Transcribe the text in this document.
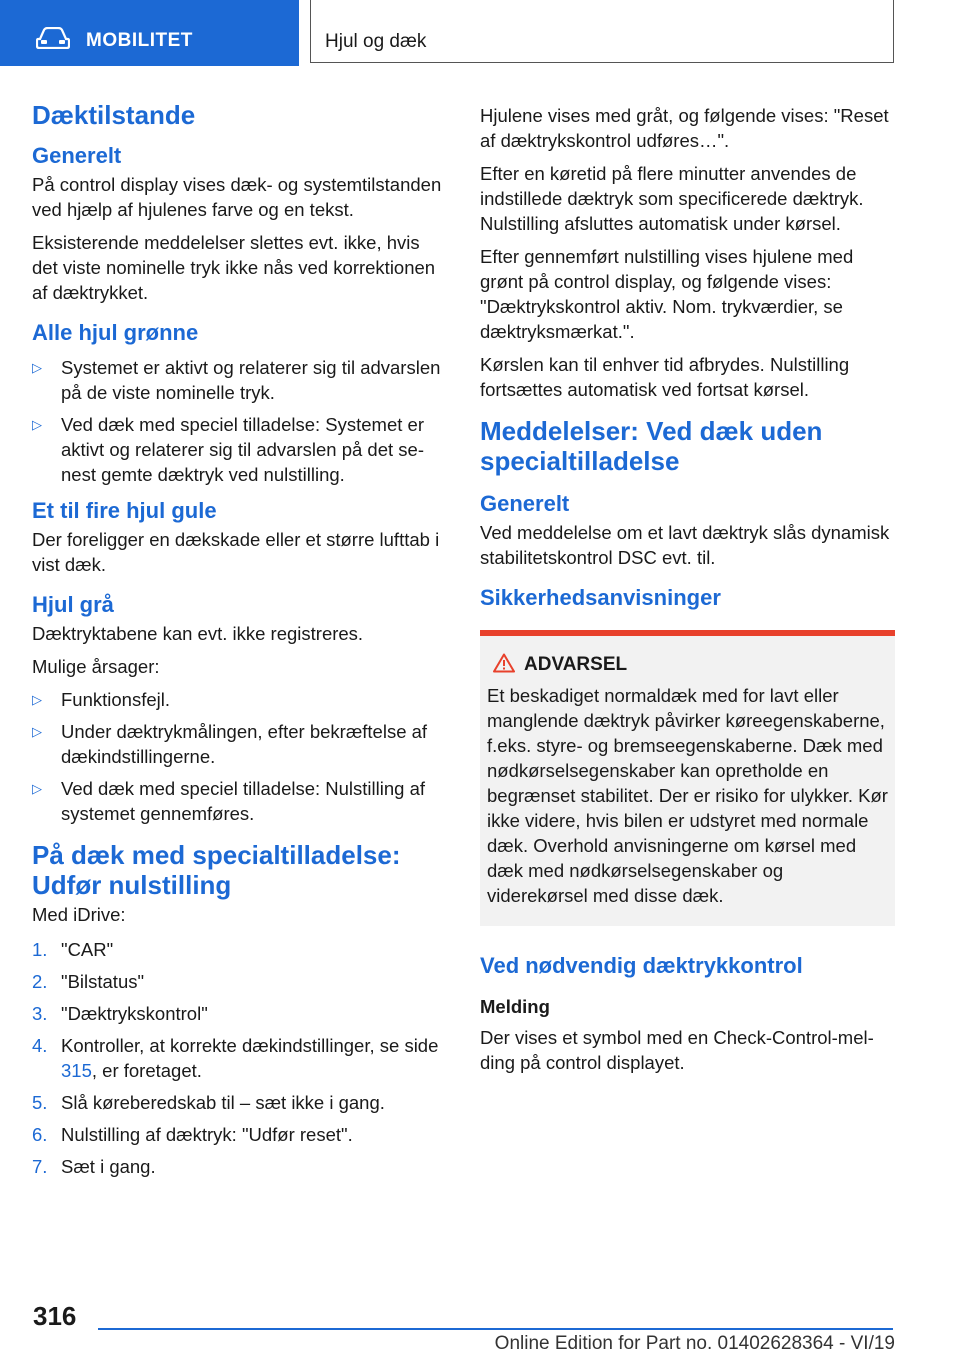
MOBILITET	Hjul og dæk
Dæktilstande
Generelt

På control display vises dæk- og systemtilstanden ved hjælp af hjulenes farve og en tekst.

Eksisterende meddelelser slettes evt. ikke, hvis det viste nominelle tryk ikke nås ved korrektionen af dæktrykket.

Alle hjul grønne
▷ Systemet er aktivt og relaterer sig til advarslen på de viste nominelle tryk.
▷ Ved dæk med speciel tilladelse: Systemet er aktivt og relaterer sig til advarslen på det senest gemte dæktryk ved nulstilling.
Et til fire hjul gule

Der foreligger en dækskade eller et større lufttab i vist dæk.

Hjul grå

Dæktryktabene kan evt. ikke registreres.

Mulige årsager:

▷ Funktionsfejl.
▷ Under dæktrykmålingen, efter bekræftelse af dækindstillingerne.
▷ Ved dæk med speciel tilladelse: Nulstilling af systemet gennemføres.
På dæk med specialtilladelse: Udfør nulstilling

Med iDrive:

1. "CAR"
2. "Bilstatus"
3. "Dæktrykskontrol"
4. Kontroller, at korrekte dækindstillinger, se side 315, er foretaget.
5. Slå køreberedskab til – sæt ikke i gang.
6. Nulstilling af dæktryk: "Udfør reset".
7. Sæt i gang.

Hjulene vises med gråt, og følgende vises: "Reset af dæktrykskontrol udføres…".

Efter en køretid på flere minutter anvendes de indstillede dæktryk som specificerede dæktryk. Nulstilling afsluttes automatisk under kørsel.

Efter gennemført nulstilling vises hjulene med grønt på control display, og følgende vises: "Dæktrykskontrol aktiv. Nom. trykværdier, se dæktryksmærkat.".

Kørslen kan til enhver tid afbrydes. Nulstilling fortsættes automatisk ved fortsat kørsel.

Meddelelser: Ved dæk uden specialtilladelse
Generelt

Ved meddelelse om et lavt dæktryk slås dynamisk stabilitetskontrol DSC evt. til.

Sikkerhedsanvisninger
ADVARSEL
Et beskadiget normaldæk med for lavt eller manglende dæktryk påvirker køreegenskaberne, f.eks. styre- og bremseegenskaberne. Dæk med nødkørselsegenskaber kan opretholde en begrænset stabilitet. Der er risiko for ulykker. Kør ikke videre, hvis bilen er udstyret med normale dæk. Overhold anvisningerne om kørsel med dæk med nødkørselsegenskaber og viderekørsel med disse dæk.
Ved nødvendig dæktrykkontrol
Melding

Der vises et symbol med en Check-Control-melding på control displayet.

316
Online Edition for Part no. 01402628364 - VI/19
